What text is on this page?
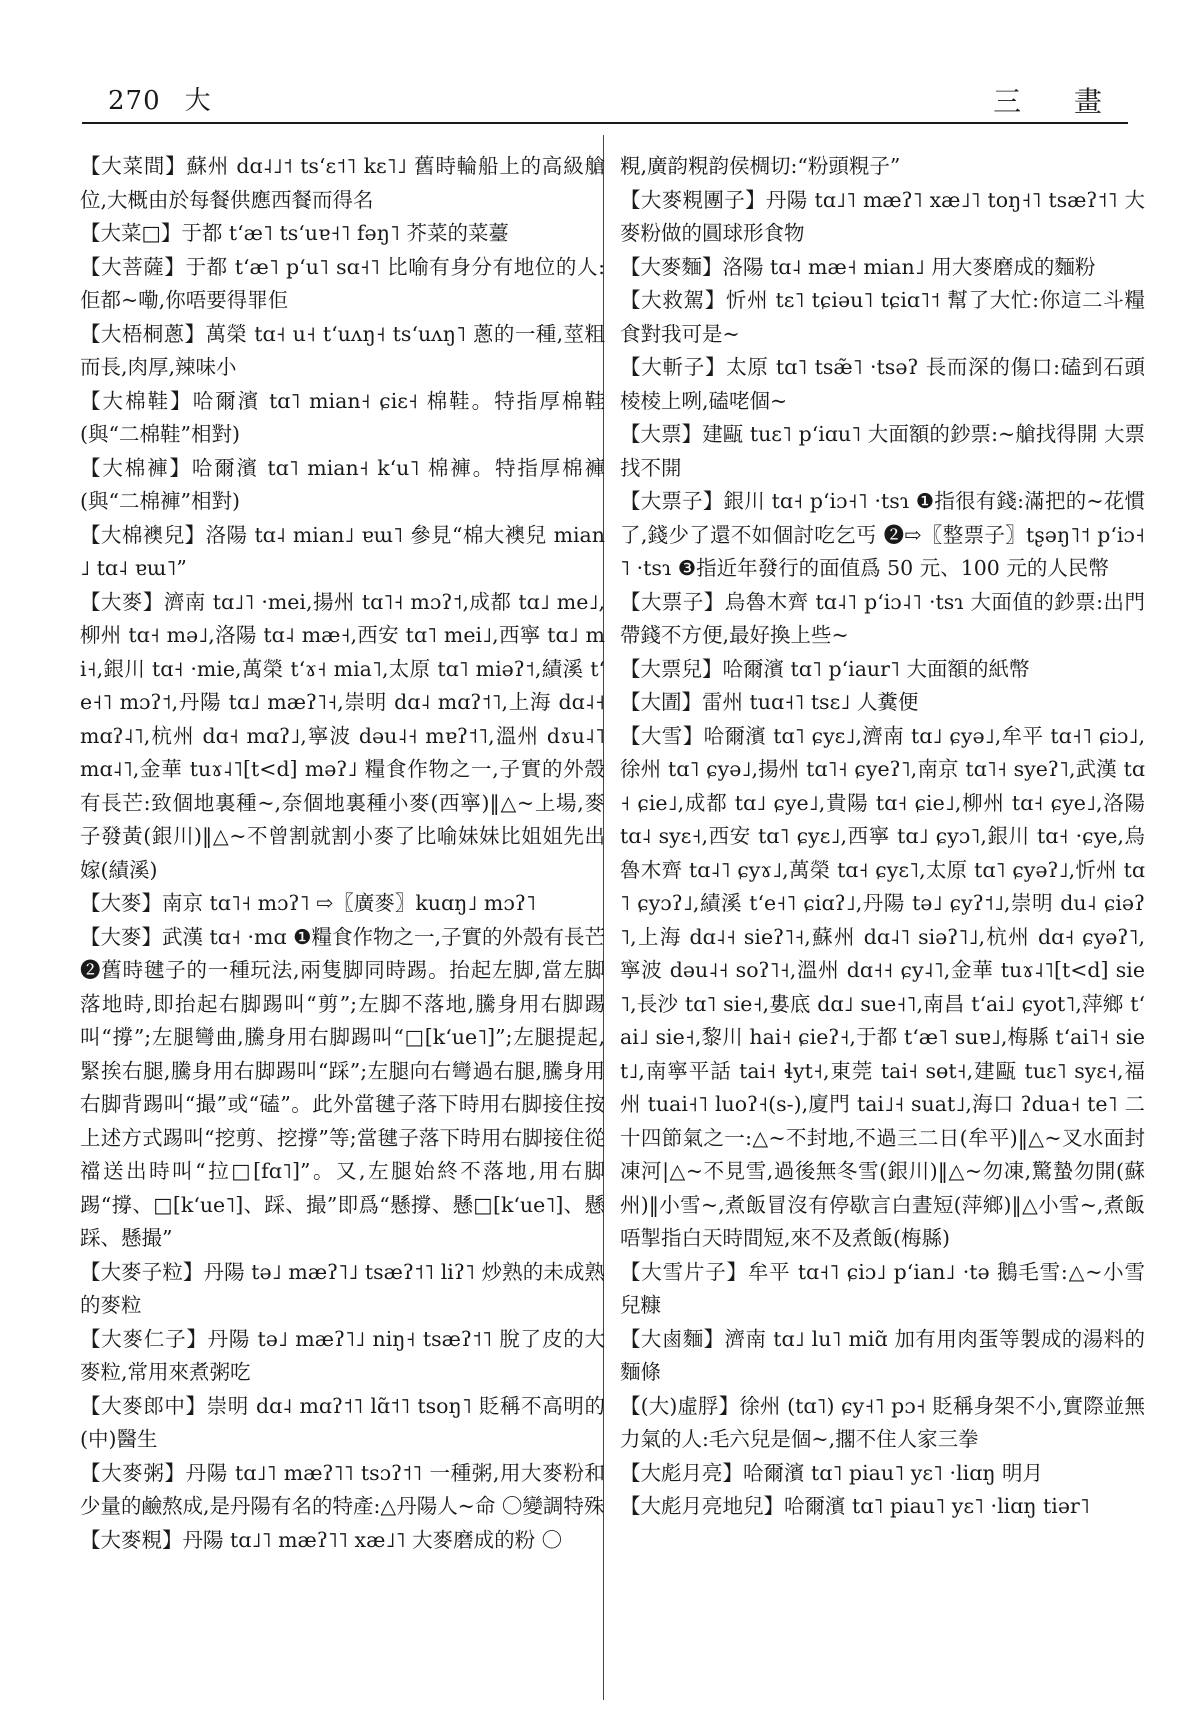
270 大	三 畫

【大菜間】蘇州 dɑ˨˩˦ tsʻɛ˦˥ kɛ˥˩ 舊時輪船上的高級艙位,大概由於每餐供應西餐而得名

【大菜□】于都 tʻæ˥ tsʻuɐ˧˥ fəŋ˥ 芥菜的菜薹

【大菩薩】于都 tʻæ˥ pʻu˥ sɑ˧˥ 比喻有身分有地位的人:佢都~嘞,你唔要得罪佢

【大梧桐蔥】萬榮 tɑ˧ u˧ tʻuʌŋ˧ tsʻuʌŋ˥ 蔥的一種,莖粗而長,肉厚,辣味小

【大棉鞋】哈爾濱 tɑ˥ mian˧ ɕiɛ˧ 棉鞋。特指厚棉鞋(與“二棉鞋”相對)

【大棉褲】哈爾濱 tɑ˥ mian˧ kʻu˥ 棉褲。特指厚棉褲(與“二棉褲”相對)

【大棉襖兒】洛陽 tɑ˨ mian˩ ɐɯ˥ 參見“棉大襖兒 mian˩ tɑ˨ ɐɯ˥”

【大麥】濟南 tɑ˩˥ ·mei,揚州 tɑ˥˧ mɔʔ˦,成都 tɑ˩ me˩,柳州 tɑ˧ mə˩,洛陽 tɑ˨ mæ˧,西安 tɑ˥ mei˩,西寧 tɑ˩ mi˧,銀川 tɑ˧ ·mie,萬榮 tʻɤ˧ mia˥,太原 tɑ˥ miəʔ˦,績溪 tʻe˧˥ mɔʔ˦,丹陽 tɑ˩ mæʔ˥˧,崇明 dɑ˨ mɑʔ˦˥,上海 dɑ˨˧ mɑʔ˨˥,杭州 dɑ˧ mɑʔ˩,寧波 dəu˨˧ mɐʔ˦˥,溫州 dɤu˨˥ mɑ˨˥,金華 tuɤ˨˥[t<d] məʔ˩ 糧食作物之一,子實的外殼有長芒:致個地裏種~,奈個地裏種小麥(西寧)‖△~上場,麥子發黃(銀川)‖△~不曾割就割小麥了比喻妹妹比姐姐先出嫁(績溪)

【大麥】南京 tɑ˥˧ mɔʔ˥ ⇨〖廣麥〗kuɑŋ˩ mɔʔ˥

【大麥】武漢 tɑ˧ ·mɑ ❶糧食作物之一,子實的外殼有長芒 ❷舊時毽子的一種玩法,兩隻脚同時踢。抬起左脚,當左脚落地時,即抬起右脚踢叫“剪”;左脚不落地,騰身用右脚踢叫“撐”;左腿彎曲,騰身用右脚踢叫“□[kʻue˥]”;左腿提起,緊挨右腿,騰身用右脚踢叫“踩”;左腿向右彎過右腿,騰身用右脚背踢叫“撮”或“磕”。此外當毽子落下時用右脚接住按上述方式踢叫“挖剪、挖撐”等;當毽子落下時用右脚接住從襠送出時叫“拉□[fɑ˥]”。又,左腿始終不落地,用右脚踢“撐、□[kʻue˥]、踩、撮”即爲“懸撐、懸□[kʻue˥]、懸踩、懸撮”

【大麥子粒】丹陽 tə˩ mæʔ˥˩ tsæʔ˦˥ liʔ˥ 炒熟的未成熟的麥粒

【大麥仁子】丹陽 tə˩ mæʔ˥˩ niŋ˧ tsæʔ˦˥ 脫了皮的大麥粒,常用來煮粥吃

【大麥郎中】崇明 dɑ˨ mɑʔ˦˥ lɑ̃˦˥ tsoŋ˥ 貶稱不高明的(中)醫生

【大麥粥】丹陽 tɑ˩˥ mæʔ˥˥ tsɔʔ˦˥ 一種粥,用大麥粉和少量的鹼熬成,是丹陽有名的特產:△丹陽人~命 〇變調特殊

【大麥粯】丹陽 tɑ˩˥ mæʔ˥˥ xæ˩˥ 大麥磨成的粉 〇

粯,廣韵粯韵侯椆切:“粉頭粯子”

【大麥粯團子】丹陽 tɑ˩˥ mæʔ˥ xæ˩˥ toŋ˧˥ tsæʔ˦˥ 大麥粉做的圓球形食物

【大麥麵】洛陽 tɑ˨ mæ˧ mian˩ 用大麥磨成的麵粉

【大救駕】忻州 tɛ˥ tɕiəu˥ tɕiɑ˥˦ 幫了大忙:你這二斗糧食對我可是~

【大斬子】太原 tɑ˥ tsæ̃˥ ·tsəʔ 長而深的傷口:磕到石頭棱棱上咧,磕咾個~

【大票】建甌 tuɛ˥ pʻiɑu˥ 大面額的鈔票:~艙找得開 大票找不開

【大票子】銀川 tɑ˧ pʻiɔ˧˥ ·tsɿ ❶指很有錢:滿把的~花慣了,錢少了還不如個討吃乞丐 ❷⇨〖整票子〗tʂəŋ˥˦ pʻiɔ˧˥ ·tsɿ ❸指近年發行的面值爲 50 元、100 元的人民幣

【大票子】烏魯木齊 tɑ˨˥ pʻiɔ˨˥ ·tsɿ 大面值的鈔票:出門帶錢不方便,最好換上些~

【大票兒】哈爾濱 tɑ˥ pʻiaur˥ 大面額的紙幣

【大圊】雷州 tuɑ˧˥ tsɛ˩ 人糞便

【大雪】哈爾濱 tɑ˥ ɕyɛ˩,濟南 tɑ˩ ɕyə˩,牟平 tɑ˧˥ ɕiɔ˩,徐州 tɑ˥ ɕyə˩,揚州 tɑ˥˧ ɕyeʔ˥,南京 tɑ˥˧ syeʔ˥,武漢 tɑ˧ ɕie˩,成都 tɑ˩ ɕye˩,貴陽 tɑ˧ ɕie˩,柳州 tɑ˧ ɕye˩,洛陽 tɑ˨ syɛ˧,西安 tɑ˥ ɕyɛ˩,西寧 tɑ˩ ɕyɔ˥,銀川 tɑ˧ ·ɕye,烏魯木齊 tɑ˨˥ ɕyɤ˩,萬榮 tɑ˧ ɕyɛ˥,太原 tɑ˥ ɕyəʔ˩,忻州 tɑ˥ ɕyɔʔ˩,績溪 tʻe˧˥ ɕiɑʔ˩,丹陽 tə˩ ɕyʔ˦˩,崇明 du˨ ɕiəʔ˥,上海 dɑ˨˧ sieʔ˥˧,蘇州 dɑ˨˥ siəʔ˥˩,杭州 dɑ˧ ɕyəʔ˥,寧波 dəu˨˧ soʔ˥˧,溫州 dɑ˧˧ ɕy˨˥,金華 tuɤ˨˥[t<d] sie˥,長沙 tɑ˥ sie˧,婁底 dɑ˩ sue˧˥,南昌 tʻai˩ ɕyot˥,萍鄉 tʻai˩ sie˧,黎川 hai˧ ɕieʔ˧,于都 tʻæ˥ suɐ˩,梅縣 tʻai˥˧ siet˩,南寧平話 tai˧ ɬyt˧,東莞 tai˧ sɵt˧,建甌 tuɛ˥ syɛ˧,福州 tuai˧˥ luoʔ˧(s-),廈門 tai˩˧ suat˩,海口 ʔdua˧ te˥ 二十四節氣之一:△~不封地,不過三二日(牟平)‖△~叉水面封凍河|△~不見雪,過後無冬雪(銀川)‖△~勿凍,驚蟄勿開(蘇州)‖小雪~,煮飯冒沒有停歇言白晝短(萍鄉)‖△小雪~,煮飯唔掣指白天時間短,來不及煮飯(梅縣)

【大雪片子】牟平 tɑ˧˥ ɕiɔ˩ pʻian˩ ·tə 鵝毛雪:△~小雪兒糠

【大鹵麵】濟南 tɑ˩ lu˥ miɑ̃ 加有用肉蛋等製成的湯料的麵條

【(大)虛脬】徐州 (tɑ˥) ɕy˧˥ pɔ˧ 貶稱身架不小,實際並無力氣的人:毛六兒是個~,擱不住人家三拳

【大彪月亮】哈爾濱 tɑ˥ piau˥ yɛ˥ ·liɑŋ 明月

【大彪月亮地兒】哈爾濱 tɑ˥ piau˥ yɛ˥ ·liɑŋ tiər˥
